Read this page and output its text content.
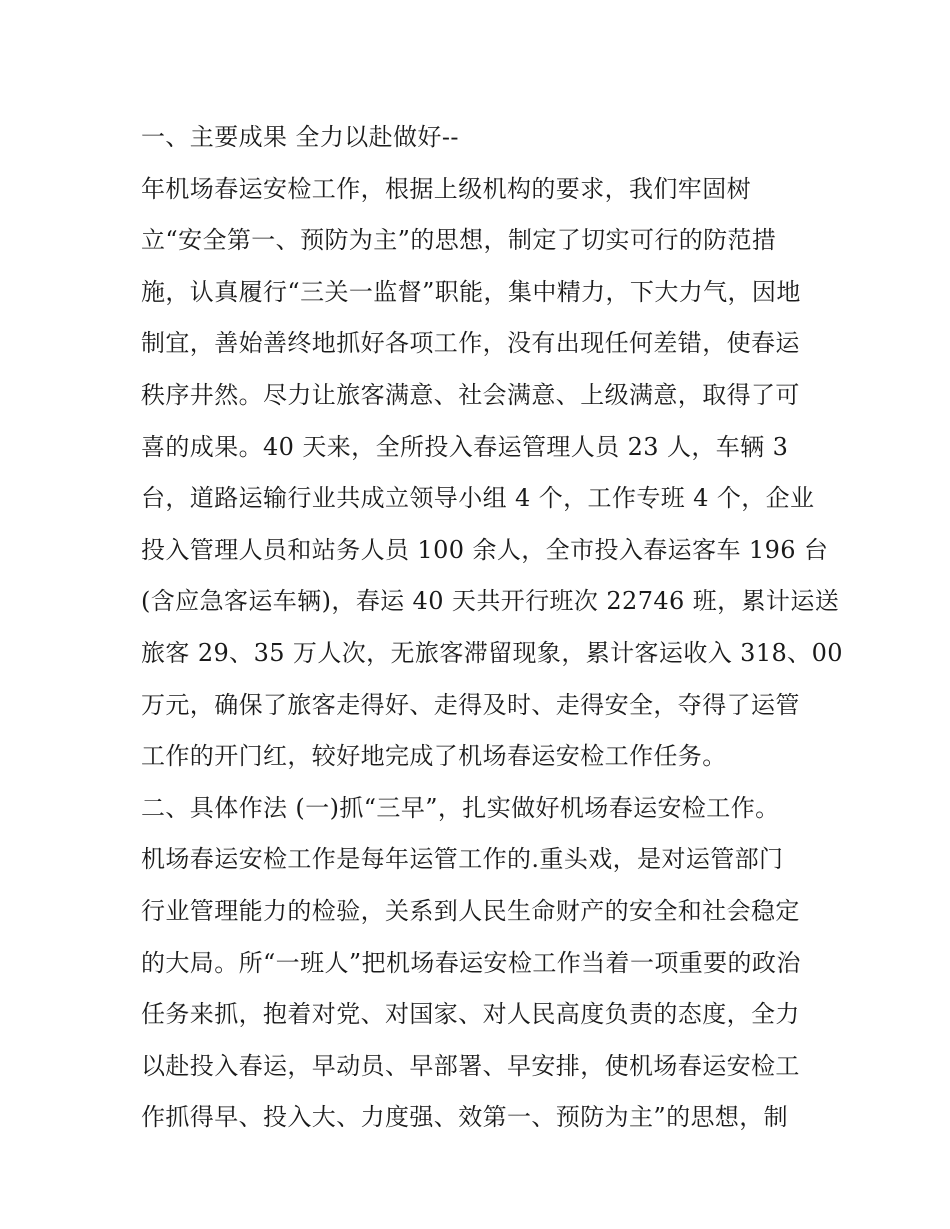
一、主要成果 全力以赴做好--
年机场春运安检工作，根据上级机构的要求，我们牢固树
立“安全第一、预防为主”的思想，制定了切实可行的防范措
施，认真履行“三关一监督”职能，集中精力，下大力气，因地
制宜，善始善终地抓好各项工作，没有出现任何差错，使春运
秩序井然。尽力让旅客满意、社会满意、上级满意，取得了可
喜的成果。40 天来，全所投入春运管理人员 23 人，车辆 3
台，道路运输行业共成立领导小组 4 个，工作专班 4 个，企业
投入管理人员和站务人员 100 余人，全市投入春运客车 196 台
(含应急客运车辆)，春运 40 天共开行班次 22746 班，累计运送
旅客 29、35 万人次，无旅客滞留现象，累计客运收入 318、00
万元，确保了旅客走得好、走得及时、走得安全，夺得了运管
工作的开门红，较好地完成了机场春运安检工作任务。
二、具体作法 (一)抓“三早”，扎实做好机场春运安检工作。
机场春运安检工作是每年运管工作的.重头戏，是对运管部门
行业管理能力的检验，关系到人民生命财产的安全和社会稳定
的大局。所“一班人”把机场春运安检工作当着一项重要的政治
任务来抓，抱着对党、对国家、对人民高度负责的态度，全力
以赴投入春运，早动员、早部署、早安排，使机场春运安检工
作抓得早、投入大、力度强、效第一、预防为主”的思想，制
